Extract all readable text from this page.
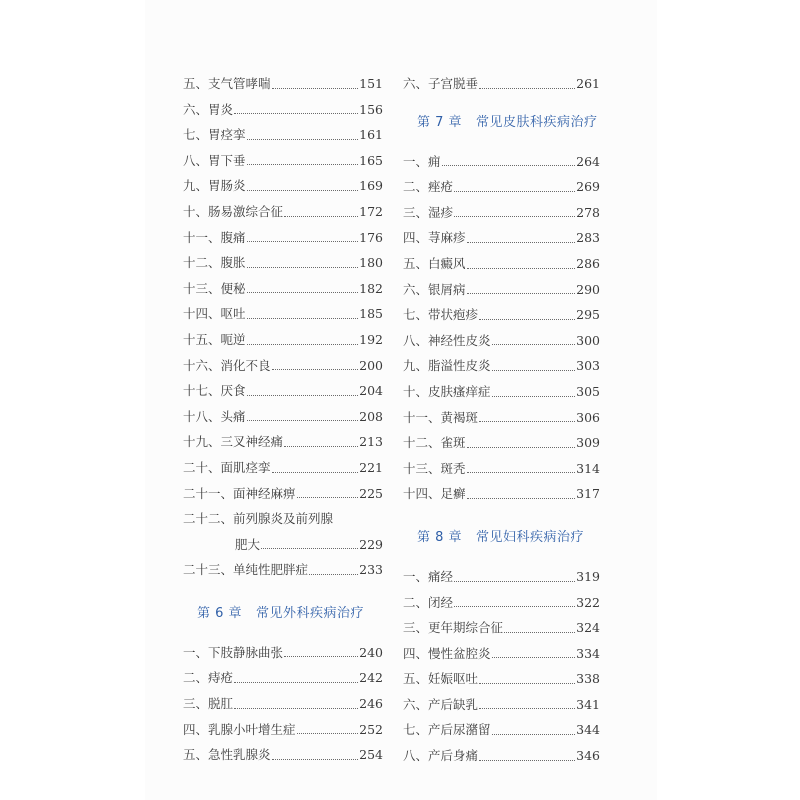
五、支气管哮喘	151
六、胃炎	156
七、胃痉挛	161
八、胃下垂	165
九、胃肠炎	169
十、肠易激综合征	172
十一、腹痛	176
十二、腹胀	180
十三、便秘	182
十四、呕吐	185
十五、呃逆	192
十六、消化不良	200
十七、厌食	204
十八、头痛	208
十九、三叉神经痛	213
二十、面肌痉挛	221
二十一、面神经麻痹	225
二十二、前列腺炎及前列腺
肥大	229
二十三、单纯性肥胖症	233
第 6 章 常见外科疾病治疗
一、下肢静脉曲张	240
二、痔疮	242
三、脱肛	246
四、乳腺小叶增生症	252
五、急性乳腺炎	254
六、子宫脱垂	261
第 7 章 常见皮肤科疾病治疗
一、痈	264
二、痤疮	269
三、湿疹	278
四、荨麻疹	283
五、白癜风	286
六、银屑病	290
七、带状疱疹	295
八、神经性皮炎	300
九、脂溢性皮炎	303
十、皮肤瘙痒症	305
十一、黄褐斑	306
十二、雀斑	309
十三、斑秃	314
十四、足癣	317
第 8 章 常见妇科疾病治疗
一、痛经	319
二、闭经	322
三、更年期综合征	324
四、慢性盆腔炎	334
五、妊娠呕吐	338
六、产后缺乳	341
七、产后尿潴留	344
八、产后身痛	346
